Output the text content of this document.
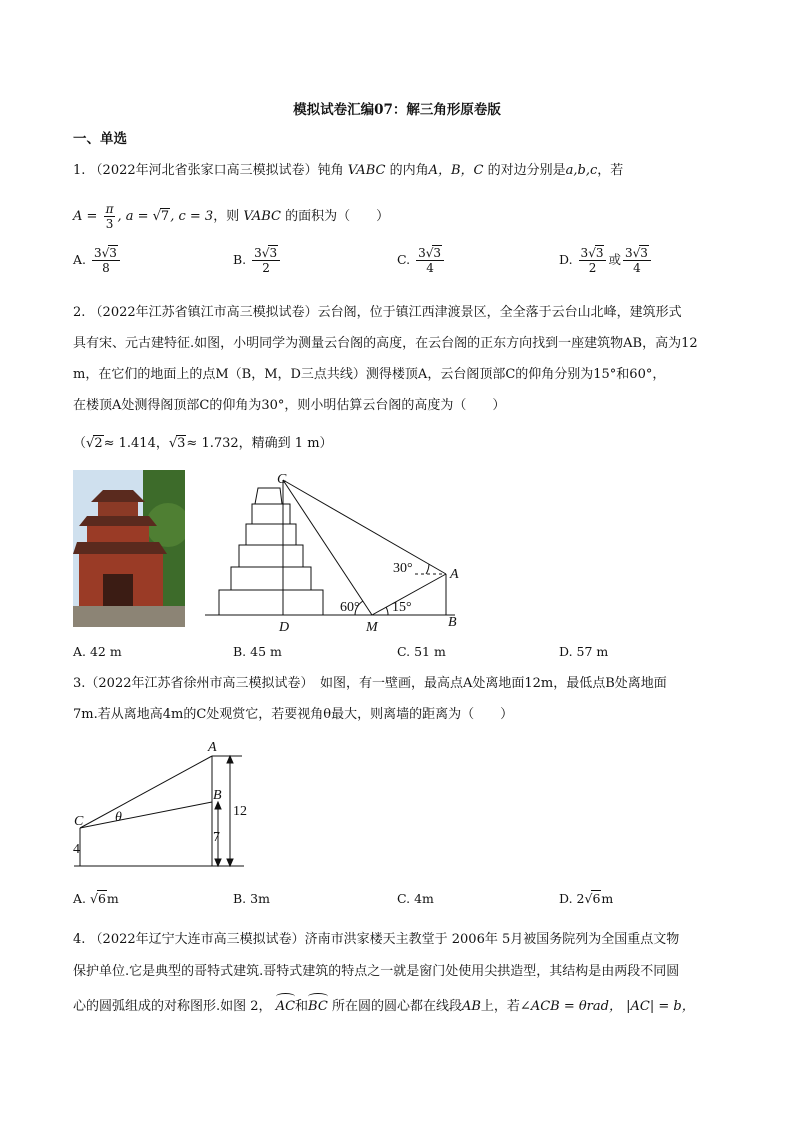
模拟试卷汇编07：解三角形原卷版
一、单选
1. （2022年河北省张家口高三模拟试卷）钝角 VABC 的内角A，B，C 的对边分别是a,b,c，若
$A = \frac{\pi}{3}$ , a = √7, c = 3，则 VABC 的面积为（　　）
A. $\frac{3√3}{8}$	B. $\frac{3√3}{2}$	C. $\frac{3√3}{4}$	D. $\frac{3√3}{2}$ 或 $\frac{3√3}{4}$
2. （2022年江苏省镇江市高三模拟试卷）云台阁，位于镇江西津渡景区，全全落于云台山北峰，建筑形式
具有宋、元古建特征.如图，小明同学为测量云台阁的高度，在云台阁的正东方向找到一座建筑物AB，高为12
m，在它们的地面上的点M（B，M，D三点共线）测得楼顶A，云台阁顶部C的仰角分别为15°和60°，
在楼顶A处测得阁顶部C的仰角为30°，则小明估算云台阁的高度为（　　）
（√2≈ 1.414，√3≈ 1.732，精确到 1 m）
C
A
B
D	M
30°
60° 15°
A. 42 m	B. 45 m	C. 51 m	D. 57 m
3.（2022年江苏省徐州市高三模拟试卷）　如图，有一壁画，最高点A处离地面12m，最低点B处离地面
7m.若从离地高4m的C处观赏它，若要视角θ最大，则离墙的距离为（　　）
A
B
C θ	12
7
4
A. √6m	B. 3m	C. 4m	D. 2√6m
4. （2022年辽宁大连市高三模拟试卷）济南市洪家楼天主教堂于 2006年 5月被国务院列为全国重点文物
保护单位.它是典型的哥特式建筑.哥特式建筑的特点之一就是窗门处使用尖拱造型，其结构是由两段不同圆
心的圆弧组成的对称图形.如图 2， AC和BC 所在圆的圆心都在线段AB上，若∠ACB = θrad， |AC| = b，
